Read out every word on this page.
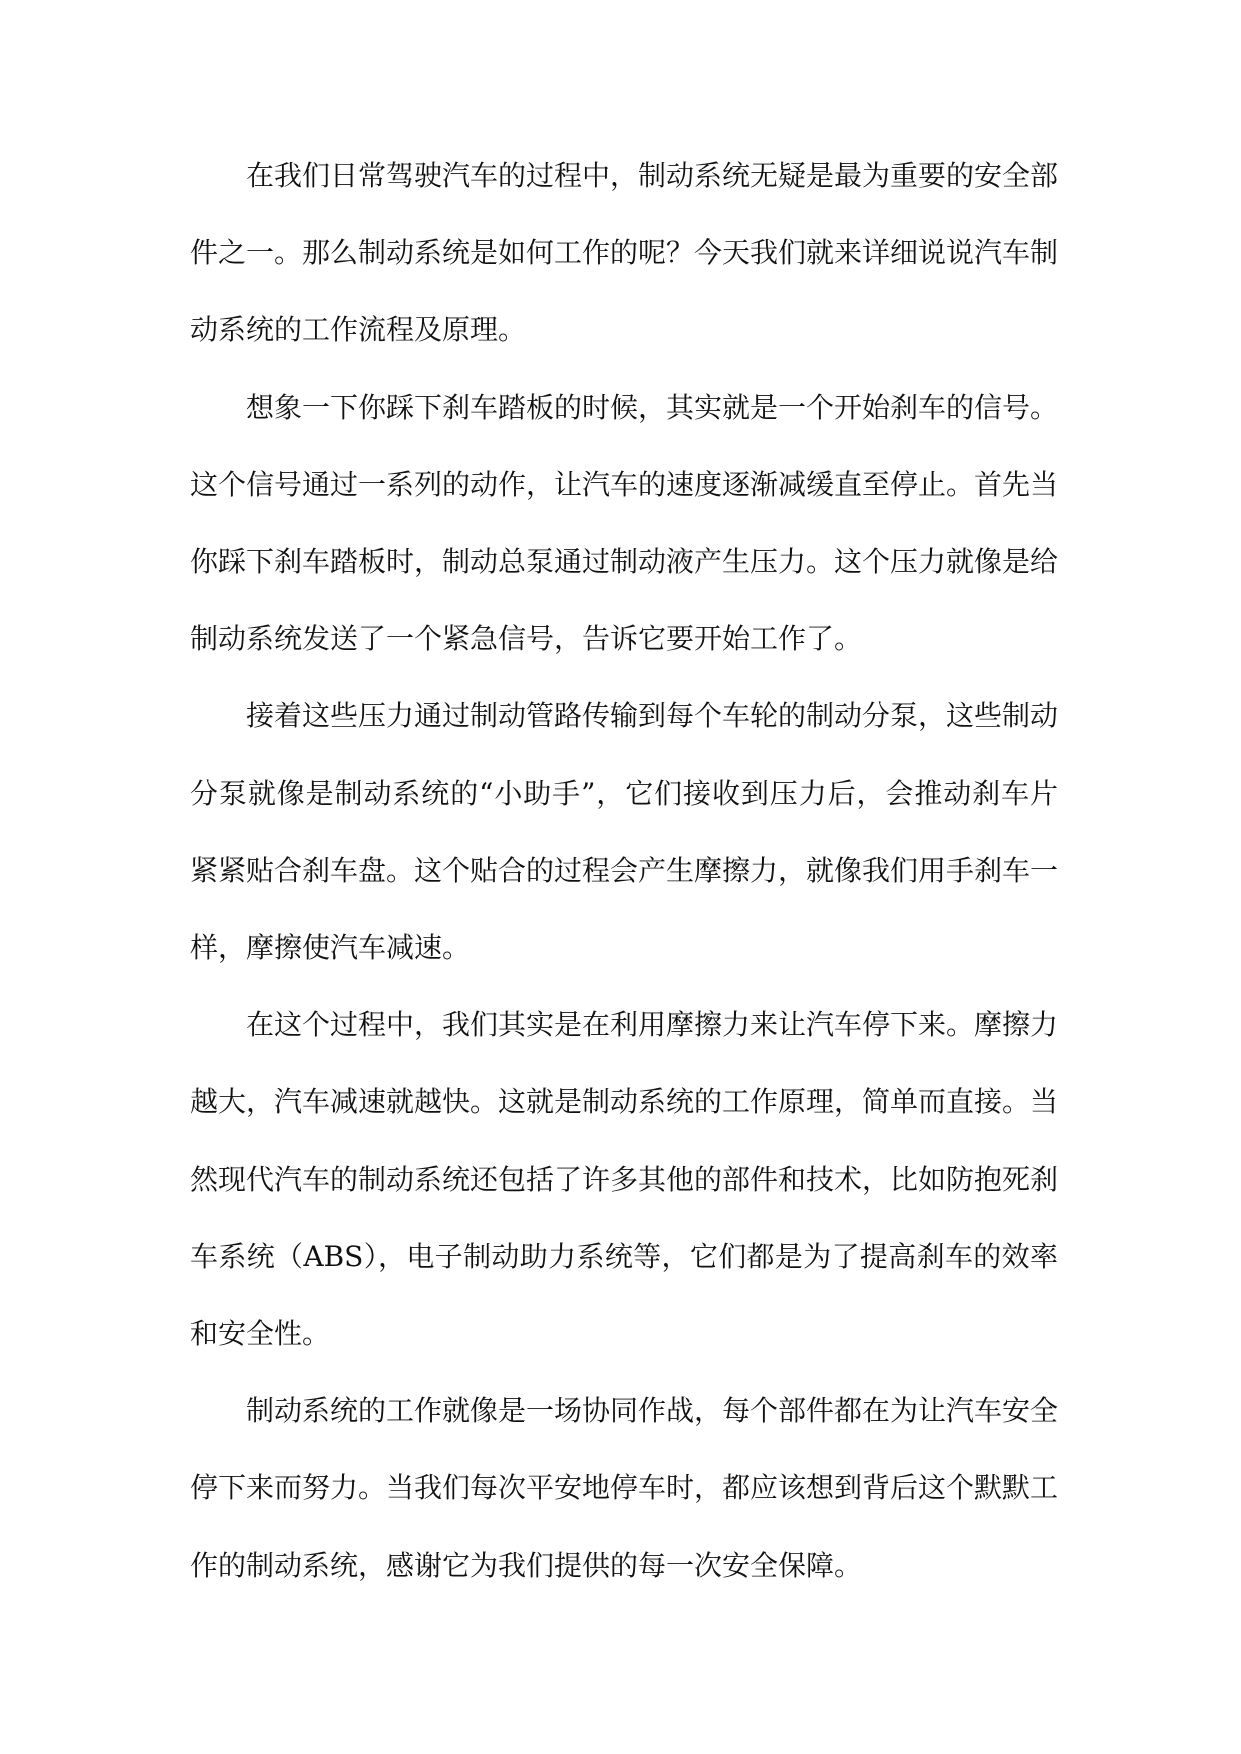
在我们日常驾驶汽车的过程中，制动系统无疑是最为重要的安全部件之一。那么制动系统是如何工作的呢？今天我们就来详细说说汽车制动系统的工作流程及原理。

想象一下你踩下刹车踏板的时候，其实就是一个开始刹车的信号。这个信号通过一系列的动作，让汽车的速度逐渐减缓直至停止。首先当你踩下刹车踏板时，制动总泵通过制动液产生压力。这个压力就像是给制动系统发送了一个紧急信号，告诉它要开始工作了。

接着这些压力通过制动管路传输到每个车轮的制动分泵，这些制动分泵就像是制动系统的“小助手”，它们接收到压力后，会推动刹车片紧紧贴合刹车盘。这个贴合的过程会产生摩擦力，就像我们用手刹车一样，摩擦使汽车减速。

在这个过程中，我们其实是在利用摩擦力来让汽车停下来。摩擦力越大，汽车减速就越快。这就是制动系统的工作原理，简单而直接。当然现代汽车的制动系统还包括了许多其他的部件和技术，比如防抱死刹车系统（ABS），电子制动助力系统等，它们都是为了提高刹车的效率和安全性。

制动系统的工作就像是一场协同作战，每个部件都在为让汽车安全停下来而努力。当我们每次平安地停车时，都应该想到背后这个默默工作的制动系统，感谢它为我们提供的每一次安全保障。
